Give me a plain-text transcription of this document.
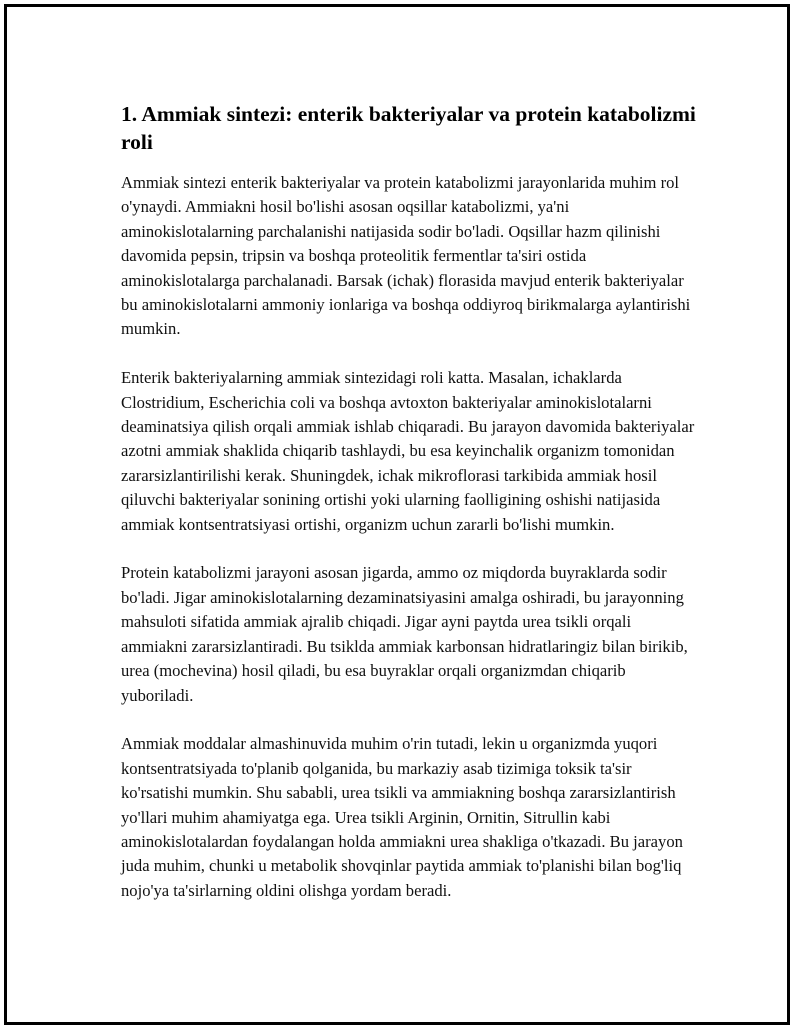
1. Ammiak sintezi: enterik bakteriyalar va protein katabolizmi roli

Ammiak sintezi enterik bakteriyalar va protein katabolizmi jarayonlarida muhim rol o'ynaydi. Ammiakni hosil bo'lishi asosan oqsillar katabolizmi, ya'ni aminokislotalarning parchalanishi natijasida sodir bo'ladi. Oqsillar hazm qilinishi davomida pepsin, tripsin va boshqa proteolitik fermentlar ta'siri ostida aminokislotalarga parchalanadi. Barsak (ichak) florasida mavjud enterik bakteriyalar bu aminokislotalarni ammoniy ionlariga va boshqa oddiyroq birikmalarga aylantirishi mumkin.

Enterik bakteriyalarning ammiak sintezidagi roli katta. Masalan, ichaklarda Clostridium, Escherichia coli va boshqa avtoxton bakteriyalar aminokislotalarni deaminatsiya qilish orqali ammiak ishlab chiqaradi. Bu jarayon davomida bakteriyalar azotni ammiak shaklida chiqarib tashlaydi, bu esa keyinchalik organizm tomonidan zararsizlantirilishi kerak. Shuningdek, ichak mikroflorasi tarkibida ammiak hosil qiluvchi bakteriyalar sonining ortishi yoki ularning faolligining oshishi natijasida ammiak kontsentratsiyasi ortishi, organizm uchun zararli bo'lishi mumkin.

Protein katabolizmi jarayoni asosan jigarda, ammo oz miqdorda buyraklarda sodir bo'ladi. Jigar aminokislotalarning dezaminatsiyasini amalga oshiradi, bu jarayonning mahsuloti sifatida ammiak ajralib chiqadi. Jigar ayni paytda urea tsikli orqali ammiakni zararsizlantiradi. Bu tsiklda ammiak karbonsan hidratlaringiz bilan birikib, urea (mochevina) hosil qiladi, bu esa buyraklar orqali organizmdan chiqarib yuboriladi.

Ammiak moddalar almashinuvida muhim o'rin tutadi, lekin u organizmda yuqori kontsentratsiyada to'planib qolganida, bu markaziy asab tizimiga toksik ta'sir ko'rsatishi mumkin. Shu sababli, urea tsikli va ammiakning boshqa zararsizlantirish yo'llari muhim ahamiyatga ega. Urea tsikli Arginin, Ornitin, Sitrullin kabi aminokislotalardan foydalangan holda ammiakni urea shakliga o'tkazadi. Bu jarayon juda muhim, chunki u metabolik shovqinlar paytida ammiak to'planishi bilan bog'liq nojo'ya ta'sirlarning oldini olishga yordam beradi.
